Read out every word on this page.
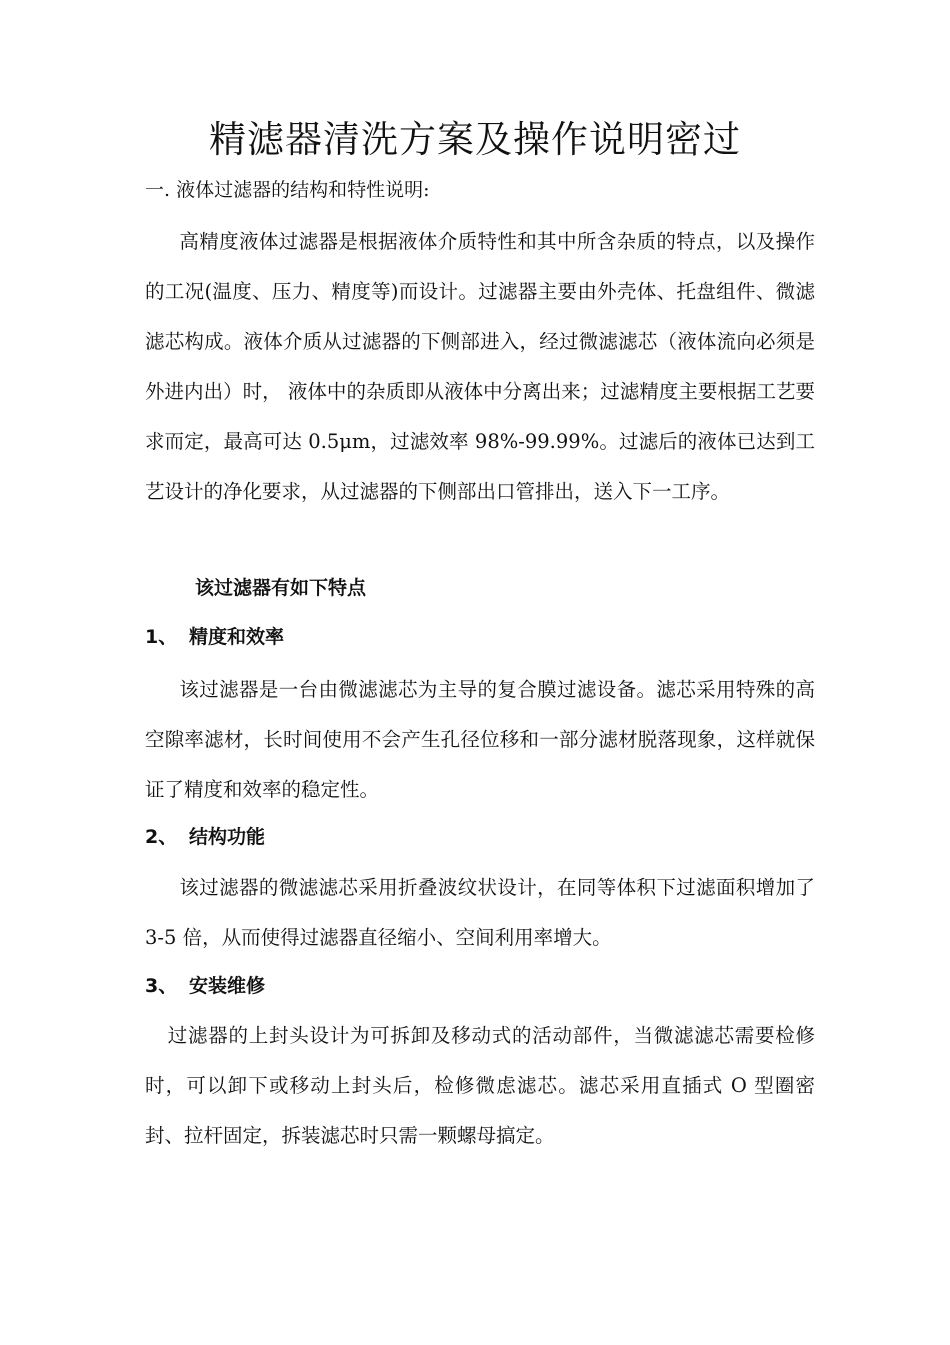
精滤器清洗方案及操作说明密过
一. 液体过滤器的结构和特性说明:

高精度液体过滤器是根据液体介质特性和其中所含杂质的特点，以及操作的工况(温度、压力、精度等)而设计。过滤器主要由外壳体、托盘组件、微滤滤芯构成。液体介质从过滤器的下侧部进入，经过微滤滤芯（液体流向必须是外进内出）时， 液体中的杂质即从液体中分离出来；过滤精度主要根据工艺要求而定，最高可达 0.5μm，过滤效率 98%-99.99%。过滤后的液体已达到工艺设计的净化要求，从过滤器的下侧部出口管排出，送入下一工序。

该过滤器有如下特点
1、 精度和效率

该过滤器是一台由微滤滤芯为主导的复合膜过滤设备。滤芯采用特殊的高空隙率滤材，长时间使用不会产生孔径位移和一部分滤材脱落现象，这样就保证了精度和效率的稳定性。

2、 结构功能

该过滤器的微滤滤芯采用折叠波纹状设计，在同等体积下过滤面积增加了 3-5 倍，从而使得过滤器直径缩小、空间利用率增大。

3、 安装维修

过滤器的上封头设计为可拆卸及移动式的活动部件，当微滤滤芯需要检修时，可以卸下或移动上封头后，检修微虑滤芯。滤芯采用直插式 O 型圈密封、拉杆固定，拆装滤芯时只需一颗螺母搞定。
